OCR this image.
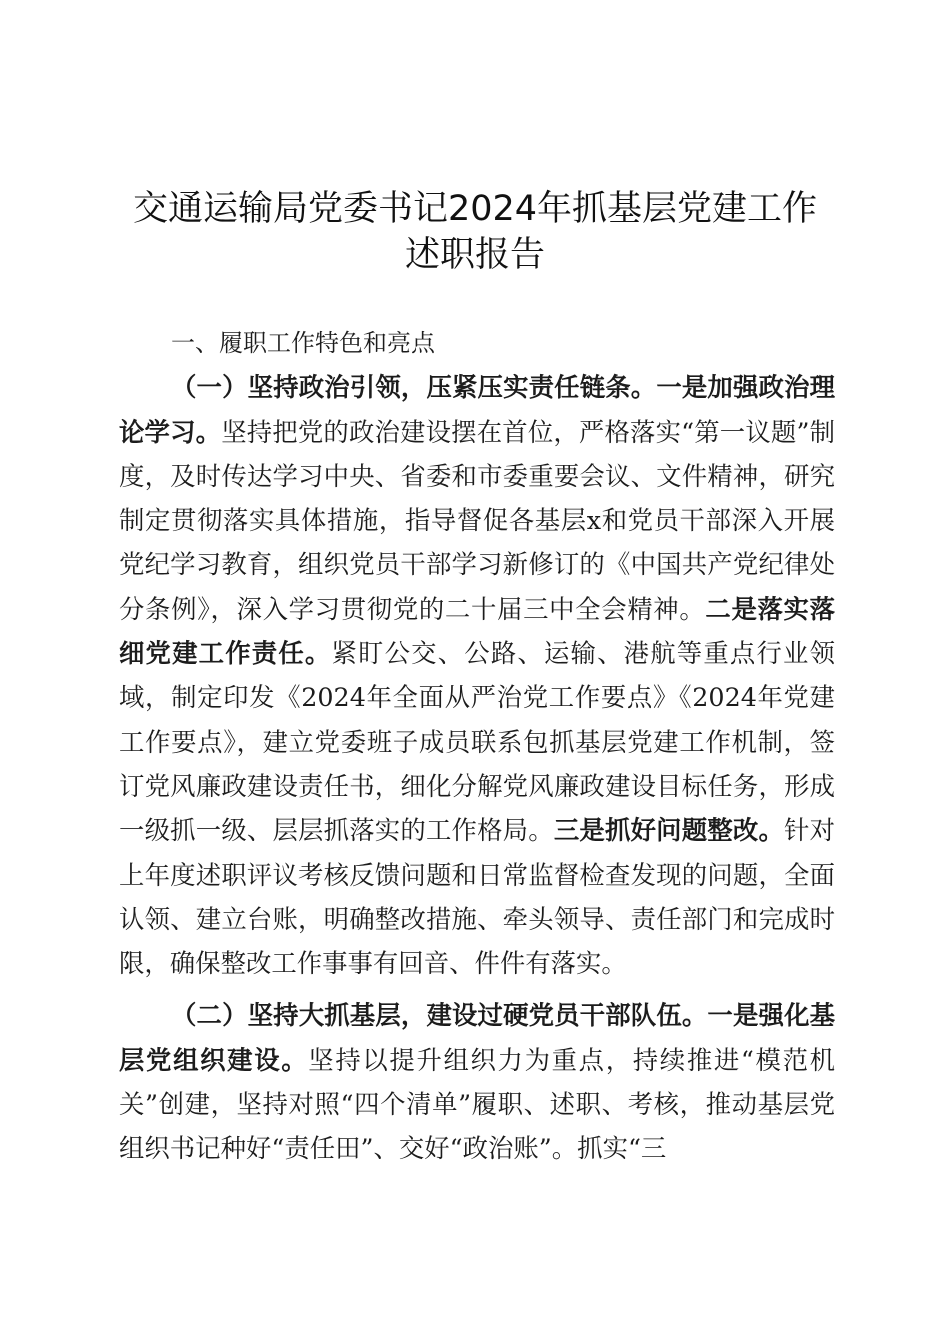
交通运输局党委书记2024年抓基层党建工作
述职报告

一、履职工作特色和亮点

（一）坚持政治引领，压紧压实责任链条。一是加强政治理论学习。坚持把党的政治建设摆在首位，严格落实“第一议题”制度，及时传达学习中央、省委和市委重要会议、文件精神，研究制定贯彻落实具体措施，指导督促各基层x和党员干部深入开展党纪学习教育，组织党员干部学习新修订的《中国共产党纪律处分条例》，深入学习贯彻党的二十届三中全会精神。二是落实落细党建工作责任。紧盯公交、公路、运输、港航等重点行业领域，制定印发《2024年全面从严治党工作要点》《2024年党建工作要点》，建立党委班子成员联系包抓基层党建工作机制，签订党风廉政建设责任书，细化分解党风廉政建设目标任务，形成一级抓一级、层层抓落实的工作格局。三是抓好问题整改。针对上年度述职评议考核反馈问题和日常监督检查发现的问题，全面认领、建立台账，明确整改措施、牵头领导、责任部门和完成时限，确保整改工作事事有回音、件件有落实。

（二）坚持大抓基层，建设过硬党员干部队伍。一是强化基层党组织建设。坚持以提升组织力为重点，持续推进“模范机关”创建，坚持对照“四个清单”履职、述职、考核，推动基层党组织书记种好“责任田”、交好“政治账”。抓实“三
